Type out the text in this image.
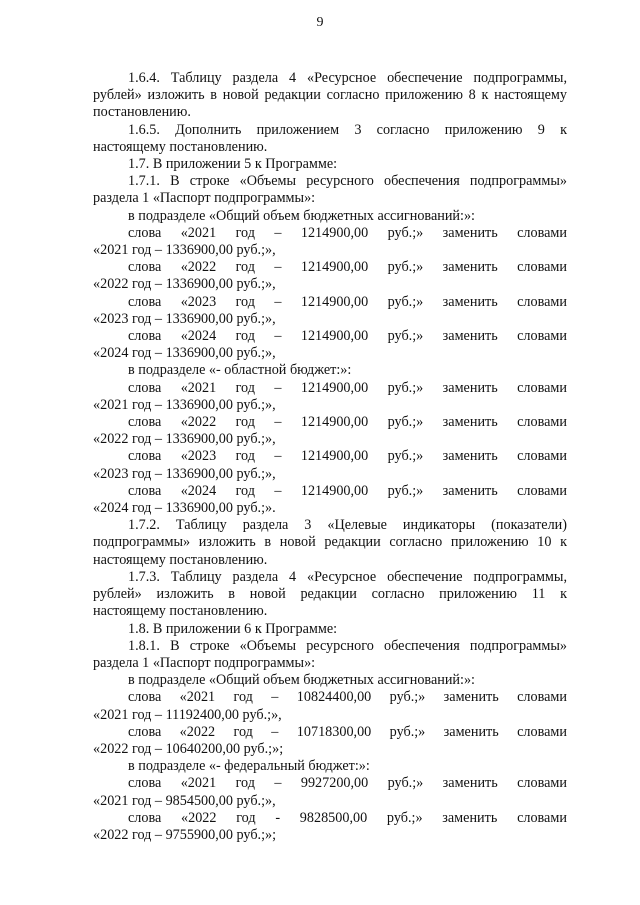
9
1.6.4. Таблицу раздела 4 «Ресурсное обеспечение подпрограммы,
рублей» изложить в новой редакции согласно приложению 8 к настоящему
постановлению.
1.6.5. Дополнить приложением 3 согласно приложению 9 к
настоящему постановлению.
1.7. В приложении 5 к Программе:
1.7.1. В строке «Объемы ресурсного обеспечения подпрограммы»
раздела 1 «Паспорт подпрограммы»:
в подразделе «Общий объем бюджетных ассигнований:»:
слова «2021 год – 1214900,00 руб.;» заменить словами
«2021 год – 1336900,00 руб.;»,
слова «2022 год – 1214900,00 руб.;» заменить словами
«2022 год – 1336900,00 руб.;»,
слова «2023 год – 1214900,00 руб.;» заменить словами
«2023 год – 1336900,00 руб.;»,
слова «2024 год – 1214900,00 руб.;» заменить словами
«2024 год – 1336900,00 руб.;»,
в подразделе «- областной бюджет:»:
слова «2021 год – 1214900,00 руб.;» заменить словами
«2021 год – 1336900,00 руб.;»,
слова «2022 год – 1214900,00 руб.;» заменить словами
«2022 год – 1336900,00 руб.;»,
слова «2023 год – 1214900,00 руб.;» заменить словами
«2023 год – 1336900,00 руб.;»,
слова «2024 год – 1214900,00 руб.;» заменить словами
«2024 год – 1336900,00 руб.;».
1.7.2. Таблицу раздела 3 «Целевые индикаторы (показатели)
подпрограммы» изложить в новой редакции согласно приложению 10 к
настоящему постановлению.
1.7.3. Таблицу раздела 4 «Ресурсное обеспечение подпрограммы,
рублей» изложить в новой редакции согласно приложению 11 к
настоящему постановлению.
1.8. В приложении 6 к Программе:
1.8.1. В строке «Объемы ресурсного обеспечения подпрограммы»
раздела 1 «Паспорт подпрограммы»:
в подразделе «Общий объем бюджетных ассигнований:»:
слова «2021 год – 10824400,00 руб.;» заменить словами
«2021 год – 11192400,00 руб.;»,
слова «2022 год – 10718300,00 руб.;» заменить словами
«2022 год – 10640200,00 руб.;»;
в подразделе «- федеральный бюджет:»:
слова «2021 год – 9927200,00 руб.;» заменить словами
«2021 год – 9854500,00 руб.;»,
слова «2022 год - 9828500,00 руб.;» заменить словами
«2022 год – 9755900,00 руб.;»;
